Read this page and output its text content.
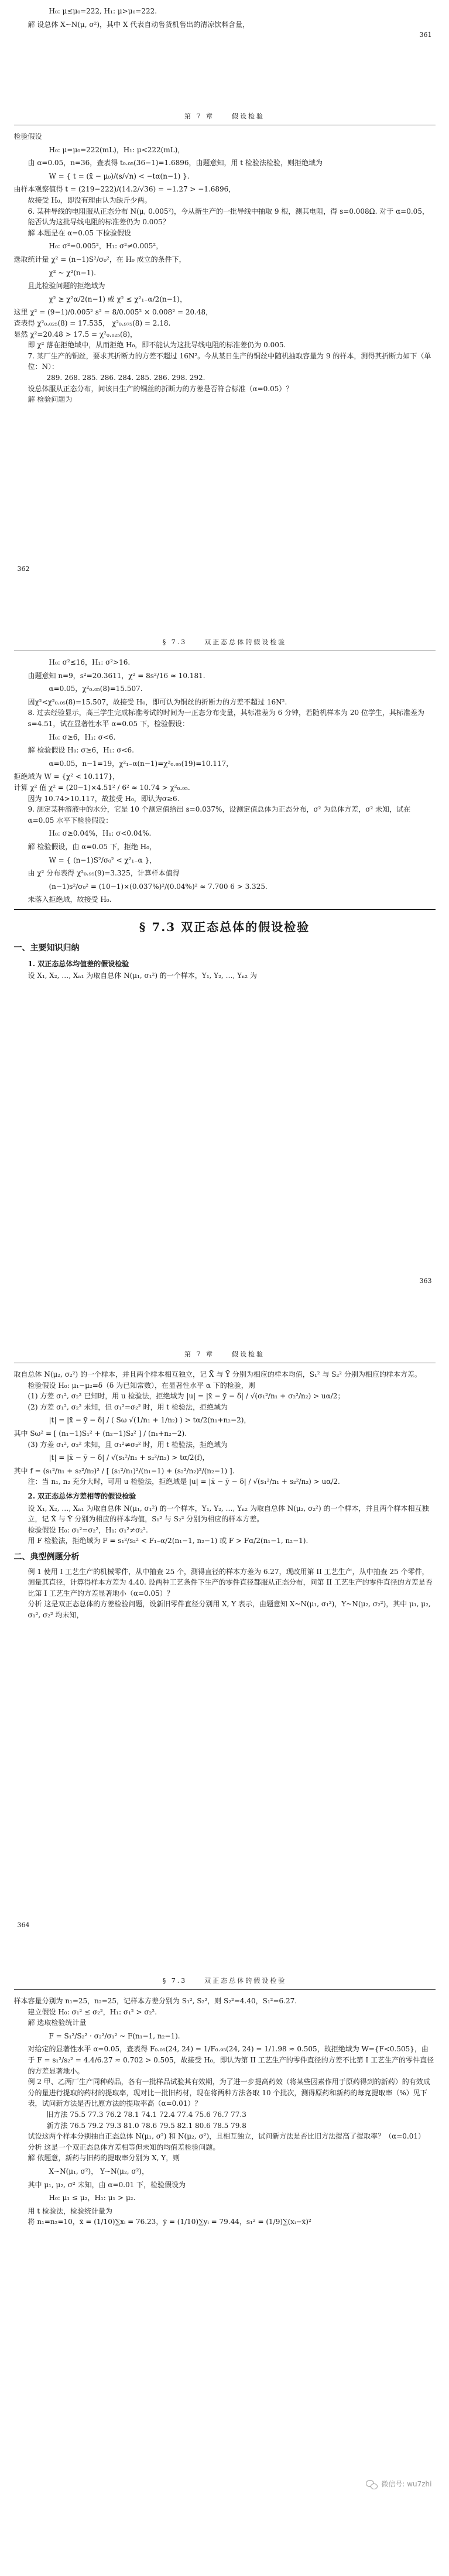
H₀: μ≤μ₀=222, H₁: μ>μ₀=222.

解 设总体 X~N(μ, σ²)，其中 X 代表自动售货机售出的清凉饮料含量，

361
第 7 章	假设检验

检验假设

H₀: μ=μ₀=222(mL)，H₁: μ<222(mL)，

由 α=0.05，n=36，查表得 t₀.₀₅(36−1)=1.6896，由题意知，用 t 检验法检验，则拒绝域为

W = { t = (x̄ − μ₀)/(s/√n) < −tα(n−1) }.

由样本观察值得 t = (219−222)/(14.2/√36) = −1.27 > −1.6896，

故接受 H₀，即没有理由认为缺斤少两。

6. 某种导线的电阻服从正态分布 N(μ, 0.005²)，今从新生产的一批导线中抽取 9 根，测其电阻，得 s=0.008Ω. 对于 α=0.05，能否认为这批导线电阻的标准差仍为 0.005？

解 本题是在 α=0.05 下检验假设

H₀: σ²=0.005²，H₁: σ²≠0.005²，

选取统计量 χ² = (n−1)S²/σ₀²，在 H₀ 成立的条件下，

χ² ~ χ²(n−1).

且此检验问题的拒绝域为

χ² ≥ χ²α/2(n−1) 或 χ² ≤ χ²₁₋α/2(n−1)，

这里 χ² = (9−1)/0.005² s² = 8/0.005² × 0.008² = 20.48，

查表得 χ²₀.₀₂₅(8) = 17.535， χ²₀.₉₇₅(8) = 2.18.

显然 χ²=20.48 > 17.5 = χ²₀.₀₂₅(8)，

即 χ² 落在拒绝域中，从而拒绝 H₀，即不能认为这批导线电阻的标准差仍为 0.005.

7. 某厂生产的铜丝，要求其折断力的方差不超过 16N²。今从某日生产的铜丝中随机抽取容量为 9 的样本，测得其折断力如下（单位：N）：

289. 268. 285. 286. 284. 285. 286. 298. 292.

设总体服从正态分布，问该日生产的铜丝的折断力的方差是否符合标准（α=0.05）？

解 检验问题为

362
§ 7.3	双正态总体的假设检验

H₀: σ²≤16，H₁: σ²>16.

由题意知 n=9，s²=20.3611，χ² = 8s²/16 ≈ 10.181.

α=0.05，χ²₀.₀₅(8)=15.507.

因χ²<χ²₀.₀₅(8)=15.507，故接受 H₀，即可认为铜丝的折断力的方差不超过 16N².

8. 过去经验显示，高三学生完成标准考试的时间为一正态分布变量，其标准差为 6 分钟，若随机样本为 20 位学生，其标准差为 s=4.51，试在显著性水平 α=0.05 下，检验假设：

H₀: σ≥6，H₁: σ<6.

解 检验假设 H₀: σ≥6，H₁: σ<6.

α=0.05，n−1=19，χ²₁₋α(n−1)=χ²₀.₉₅(19)=10.117，

拒绝域为 W = {χ² < 10.117}，

计算 χ² 值 χ² = (20−1)×4.51² / 6² ≈ 10.74 > χ²₀.₉₅.

因为 10.74>10.117，故接受 H₀，即认为σ≥6.

9. 测定某种溶液中的水分，它是 10 个测定值给出 s=0.037%，设测定值总体为正态分布，σ² 为总体方差，σ² 未知，试在 α=0.05 水平下检验假设：

H₀: σ≥0.04%，H₁: σ<0.04%.

解 检验假设，由 α=0.05 下，拒绝 H₀，

W = { (n−1)S²/σ₀² < χ²₁₋α }，

由 χ² 分布表得 χ²₀.₉₅(9)=3.325，计算样本值得

(n−1)s²/σ₀² = (10−1)×(0.037%)²/(0.04%)² ≈ 7.700 6 > 3.325.

未落入拒绝域，故接受 H₀.

§ 7.3 双正态总体的假设检验
一、主要知识归纳
1. 双正态总体均值差的假设检验

设 X₁, X₂, …, Xₙ₁ 为取自总体 N(μ₁, σ₁²) 的一个样本，Y₁, Y₂, …, Yₙ₂ 为

363
第 7 章	假设检验

取自总体 N(μ₂, σ₂²) 的一个样本，并且两个样本相互独立，记 X̄ 与 Ȳ 分别为相应的样本均值，S₁² 与 S₂² 分别为相应的样本方差。

检验假设 H₀: μ₁−μ₂=δ（δ 为已知常数），在显著性水平 α 下的检验，则

(1) 方差 σ₁², σ₂² 已知时，用 u 检验法，拒绝域为 |u| = |x̄ − ȳ − δ| / √(σ₁²/n₁ + σ₂²/n₂) > uα/2；

(2) 方差 σ₁², σ₂² 未知，但 σ₁²=σ₂² 时，用 t 检验法，拒绝域为

|t| = |x̄ − ȳ − δ| / ( Sω √(1/n₁ + 1/n₂) ) > tα/2(n₁+n₂−2)，

其中 Sω² = [ (n₁−1)S₁² + (n₂−1)S₂² ] / (n₁+n₂−2).

(3) 方差 σ₁², σ₂² 未知，且 σ₁²≠σ₂² 时，用 t 检验法，拒绝域为

|t| = |x̄ − ȳ − δ| / √(s₁²/n₁ + s₂²/n₂) > tα/2(f)，

其中 f = (s₁²/n₁ + s₂²/n₂)² / [ (s₁²/n₁)²/(n₁−1) + (s₂²/n₂)²/(n₂−1) ].

注：当 n₁, n₂ 充分大时，可用 u 检验法，拒绝域是 |u| = |x̄ − ȳ − δ| / √(s₁²/n₁ + s₂²/n₂) > uα/2.

2. 双正态总体方差相等的假设检验

设 X₁, X₂, …, Xₙ₁ 为取自总体 N(μ₁, σ₁²) 的一个样本，Y₁, Y₂, …, Yₙ₂ 为取自总体 N(μ₂, σ₂²) 的一个样本，并且两个样本相互独立，记 X̄ 与 Ȳ 分别为相应的样本均值，S₁² 与 S₂² 分别为相应的样本方差。

检验假设 H₀: σ₁²=σ₂²，H₁: σ₁²≠σ₂².

用 F 检验法，拒绝域为 F = s₁²/s₂² < F₁₋α/2(n₁−1, n₂−1) 或 F > Fα/2(n₁−1, n₂−1).

二、典型例题分析

例 1 使用 I 工艺生产的机械零件，从中抽查 25 个，测得直径的样本方差为 6.27，现改用第 II 工艺生产，从中抽查 25 个零件，测量其直径，计算得样本方差为 4.40. 设两种工艺条件下生产的零件直径都服从正态分布，问第 II 工艺生产的零件直径的方差是否比第 I 工艺生产的方差显著地小（α=0.05）？

分析 这是双正态总体的方差检验问题，设新旧零件直径分别用 X, Y 表示，由题意知 X~N(μ₁, σ₁²)，Y~N(μ₂, σ₂²)，其中 μ₁, μ₂, σ₁², σ₂² 均未知，

364
§ 7.3	双正态总体的假设检验

样本容量分别为 n₁=25，n₂=25，记样本方差分别为 S₁², S₂²，则 S₂²=4.40，S₁²=6.27.

建立假设 H₀: σ₁² ≤ σ₂²，H₁: σ₁² > σ₂².

解 选取检验统计量

F = S₁²/S₂² · σ₂²/σ₁² ~ F(n₁−1, n₂−1).

对给定的显著性水平 α=0.05，查表得 F₀.₀₅(24, 24) = 1/F₀.₉₅(24, 24) = 1/1.98 ≈ 0.505，故拒绝域为 W={F<0.505}，由于 F = s₁²/s₂² = 4.4/6.27 ≈ 0.702 > 0.505，故接受 H₀，即认为第 II 工艺生产的零件直径的方差不比第 I 工艺生产的零件直径的方差显著地小。

例 2 甲、乙两厂生产同种药品，各有一批样品试验其有效期，为了进一步提高药效（将某些因素作用于原药得到的新药）的有效成分的量进行提取的药材的提取率，现对比一批旧药材，现在将两种方法各取 10 个批次，测得原药和新药的每克提取率（%）见下表，试问新方法是否比原方法的提取率高（α=0.01）？

旧方法 75.5 77.3 76.2 78.1 74.1 72.4 77.4 75.6 76.7 77.3

新方法 76.5 79.2 79.3 81.0 78.6 79.5 82.1 80.6 78.5 79.8

试设这两个样本分别抽自正态总体 N(μ₁, σ²) 和 N(μ₂, σ²)，且相互独立，试问新方法是否比旧方法提高了提取率？（α=0.01）

分析 这是一个双正态总体方差相等但未知的均值差检验问题。

解 依题意，新药与旧药的提取率分别为 X, Y，则

X~N(μ₁, σ²)， Y~N(μ₂, σ²)，

其中 μ₁, μ₂, σ² 未知，由 α=0.01 下，检验假设为

H₀: μ₁ ≤ μ₂，H₁: μ₁ > μ₂.

用 t 检验法，检验统计量为

将 n₁=n₂=10，x̄ = (1/10)∑xᵢ = 76.23，ȳ = (1/10)∑yᵢ = 79.44，s₁² = (1/9)∑(xᵢ−x̄)²

微信号: wu7zhi
